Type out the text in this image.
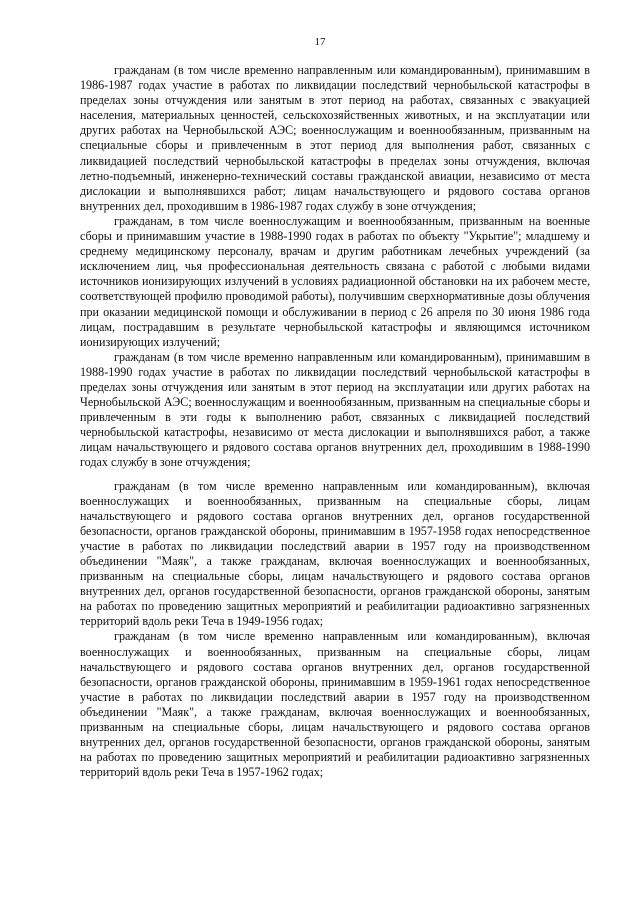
17

гражданам (в том числе временно направленным или командированным), принимавшим в 1986-1987 годах участие в работах по ликвидации последствий чернобыльской катастрофы в пределах зоны отчуждения или занятым в этот период на работах, связанных с эвакуацией населения, материальных ценностей, сельскохозяйственных животных, и на эксплуатации или других работах на Чернобыльской АЭС; военнослужащим и военнообязанным, призванным на специальные сборы и привлеченным в этот период для выполнения работ, связанных с ликвидацией последствий чернобыльской катастрофы в пределах зоны отчуждения, включая летно-подъемный, инженерно-технический составы гражданской авиации, независимо от места дислокации и выполнявшихся работ; лицам начальствующего и рядового состава органов внутренних дел, проходившим в 1986-1987 годах службу в зоне отчуждения;

гражданам, в том числе военнослужащим и военнообязанным, призванным на военные сборы и принимавшим участие в 1988-1990 годах в работах по объекту "Укрытие"; младшему и среднему медицинскому персоналу, врачам и другим работникам лечебных учреждений (за исключением лиц, чья профессиональная деятельность связана с работой с любыми видами источников ионизирующих излучений в условиях радиационной обстановки на их рабочем месте, соответствующей профилю проводимой работы), получившим сверхнормативные дозы облучения при оказании медицинской помощи и обслуживании в период с 26 апреля по 30 июня 1986 года лицам, пострадавшим в результате чернобыльской катастрофы и являющимся источником ионизирующих излучений;

гражданам (в том числе временно направленным или командированным), принимавшим в 1988-1990 годах участие в работах по ликвидации последствий чернобыльской катастрофы в пределах зоны отчуждения или занятым в этот период на эксплуатации или других работах на Чернобыльской АЭС; военнослужащим и военнообязанным, призванным на специальные сборы и привлеченным в эти годы к выполнению работ, связанных с ликвидацией последствий чернобыльской катастрофы, независимо от места дислокации и выполнявшихся работ, а также лицам начальствующего и рядового состава органов внутренних дел, проходившим в 1988-1990 годах службу в зоне отчуждения;

гражданам (в том числе временно направленным или командированным), включая военнослужащих и военнообязанных, призванным на специальные сборы, лицам начальствующего и рядового состава органов внутренних дел, органов государственной безопасности, органов гражданской обороны, принимавшим в 1957-1958 годах непосредственное участие в работах по ликвидации последствий аварии в 1957 году на производственном объединении "Маяк", а также гражданам, включая военнослужащих и военнообязанных, призванным на специальные сборы, лицам начальствующего и рядового состава органов внутренних дел, органов государственной безопасности, органов гражданской обороны, занятым на работах по проведению защитных мероприятий и реабилитации радиоактивно загрязненных территорий вдоль реки Теча в 1949-1956 годах;

гражданам (в том числе временно направленным или командированным), включая военнослужащих и военнообязанных, призванным на специальные сборы, лицам начальствующего и рядового состава органов внутренних дел, органов государственной безопасности, органов гражданской обороны, принимавшим в 1959-1961 годах непосредственное участие в работах по ликвидации последствий аварии в 1957 году на производственном объединении "Маяк", а также гражданам, включая военнослужащих и военнообязанных, призванным на специальные сборы, лицам начальствующего и рядового состава органов внутренних дел, органов государственной безопасности, органов гражданской обороны, занятым на работах по проведению защитных мероприятий и реабилитации радиоактивно загрязненных территорий вдоль реки Теча в 1957-1962 годах;
